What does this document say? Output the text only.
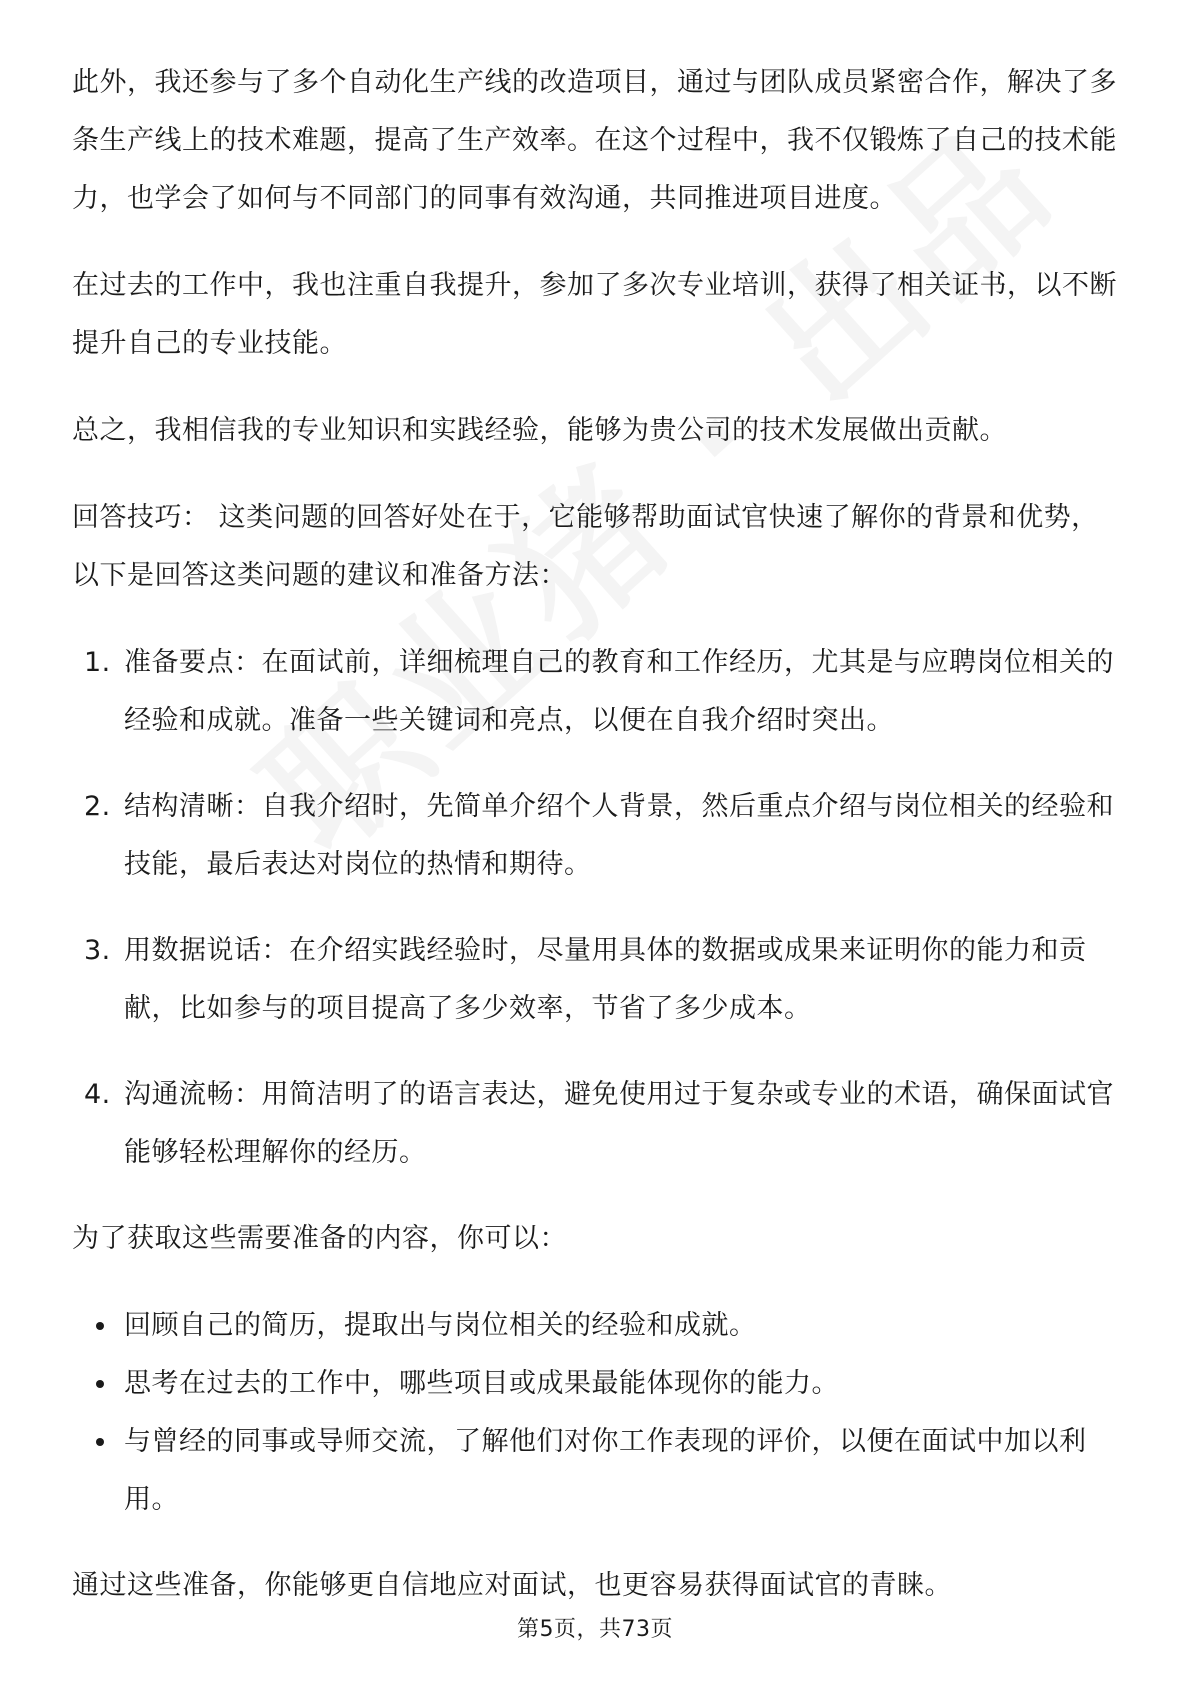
此外，我还参与了多个自动化生产线的改造项目，通过与团队成员紧密合作，解决了多条生产线上的技术难题，提高了生产效率。在这个过程中，我不仅锻炼了自己的技术能力，也学会了如何与不同部门的同事有效沟通，共同推进项目进度。

在过去的工作中，我也注重自我提升，参加了多次专业培训，获得了相关证书，以不断提升自己的专业技能。

总之，我相信我的专业知识和实践经验，能够为贵公司的技术发展做出贡献。

回答技巧： 这类问题的回答好处在于，它能够帮助面试官快速了解你的背景和优势，以下是回答这类问题的建议和准备方法：

1. 准备要点：在面试前，详细梳理自己的教育和工作经历，尤其是与应聘岗位相关的经验和成就。准备一些关键词和亮点，以便在自我介绍时突出。
2. 结构清晰：自我介绍时，先简单介绍个人背景，然后重点介绍与岗位相关的经验和技能，最后表达对岗位的热情和期待。
3. 用数据说话：在介绍实践经验时，尽量用具体的数据或成果来证明你的能力和贡献，比如参与的项目提高了多少效率，节省了多少成本。
4. 沟通流畅：用简洁明了的语言表达，避免使用过于复杂或专业的术语，确保面试官能够轻松理解你的经历。

为了获取这些需要准备的内容，你可以：

回顾自己的简历，提取出与岗位相关的经验和成就。
思考在过去的工作中，哪些项目或成果最能体现你的能力。
与曾经的同事或导师交流，了解他们对你工作表现的评价，以便在面试中加以利用。

通过这些准备，你能够更自信地应对面试，也更容易获得面试官的青睐。

第5页，共73页
